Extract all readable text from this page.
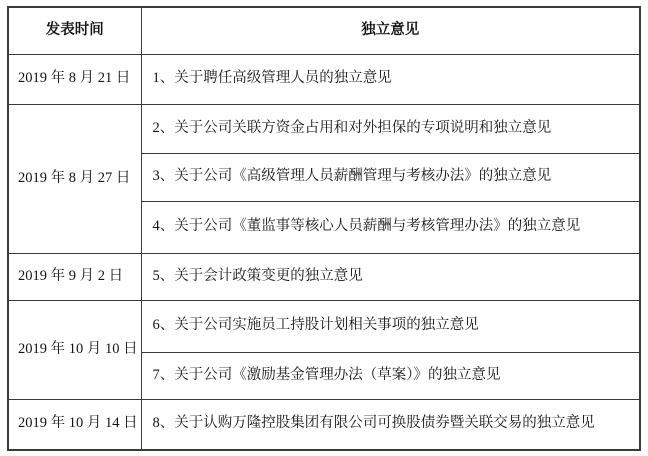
发表时间	独立意见
2019 年 8 月 21 日	1、关于聘任高级管理人员的独立意见
2019 年 8 月 27 日	2、关于公司关联方资金占用和对外担保的专项说明和独立意见
	3、关于公司《高级管理人员薪酬管理与考核办法》的独立意见
	4、关于公司《董监事等核心人员薪酬与考核管理办法》的独立意见
2019 年 9 月 2 日	5、关于会计政策变更的独立意见
2019 年 10 月 10 日	6、关于公司实施员工持股计划相关事项的独立意见
	7、关于公司《激励基金管理办法（草案）》的独立意见
2019 年 10 月 14 日	8、关于认购万隆控股集团有限公司可换股债券暨关联交易的独立意见
